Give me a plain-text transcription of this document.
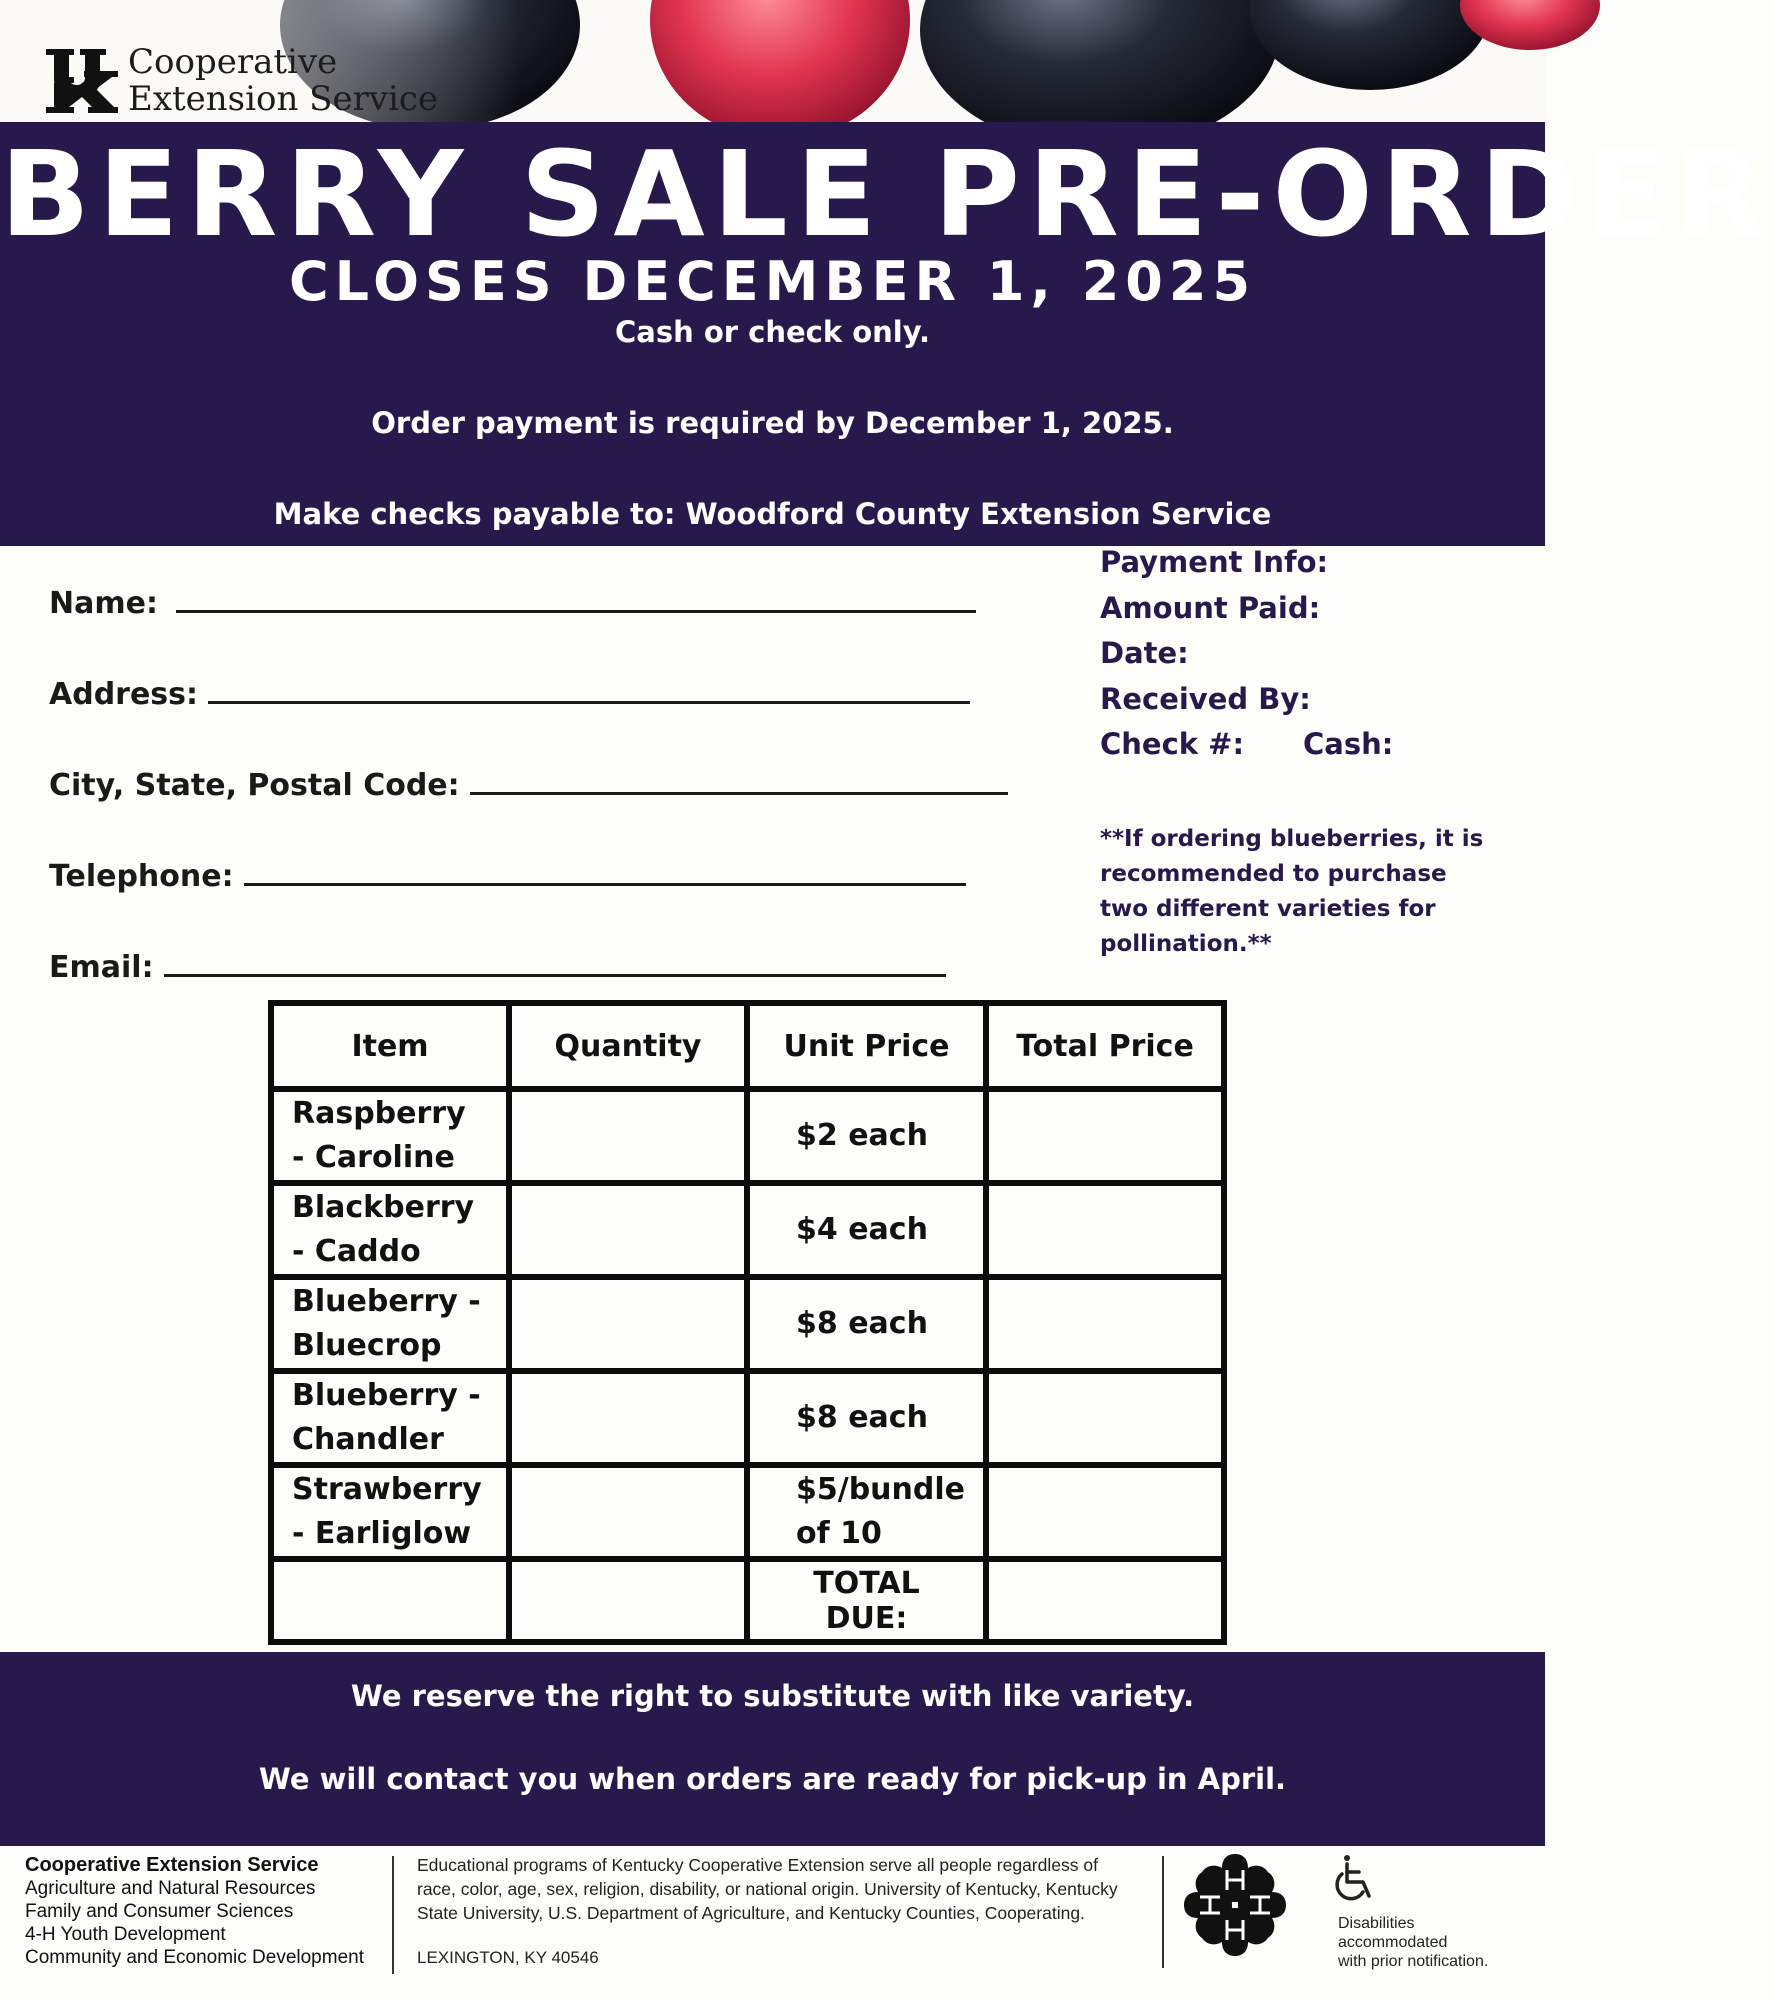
Cooperative
Extension Service
BERRY SALE PRE-ORDER
CLOSES DECEMBER 1, 2025
Cash or check only.
Order payment is required by December 1, 2025.
Make checks payable to: Woodford County Extension Service
Name:
Address:
City, State, Postal Code:
Telephone:
Email:
Payment Info:
Amount Paid:
Date:
Received By:
Check #: Cash:
**If ordering blueberries, it is recommended to purchase two different varieties for pollination.**
Item	Quantity	Unit Price	Total Price
Raspberry - Caroline		$2 each	
Blackberry - Caddo		$4 each	
Blueberry - Bluecrop		$8 each	
Blueberry - Chandler		$8 each	
Strawberry - Earliglow		$5/bundle of 10	
		TOTAL DUE:	
We reserve the right to substitute with like variety.
We will contact you when orders are ready for pick-up in April.
Cooperative Extension Service
Agriculture and Natural Resources
Family and Consumer Sciences
4-H Youth Development
Community and Economic Development
Educational programs of Kentucky Cooperative Extension serve all people regardless of race, color, age, sex, religion, disability, or national origin. University of Kentucky, Kentucky State University, U.S. Department of Agriculture, and Kentucky Counties, Cooperating.
LEXINGTON, KY 40546
Disabilities
accommodated
with prior notification.
